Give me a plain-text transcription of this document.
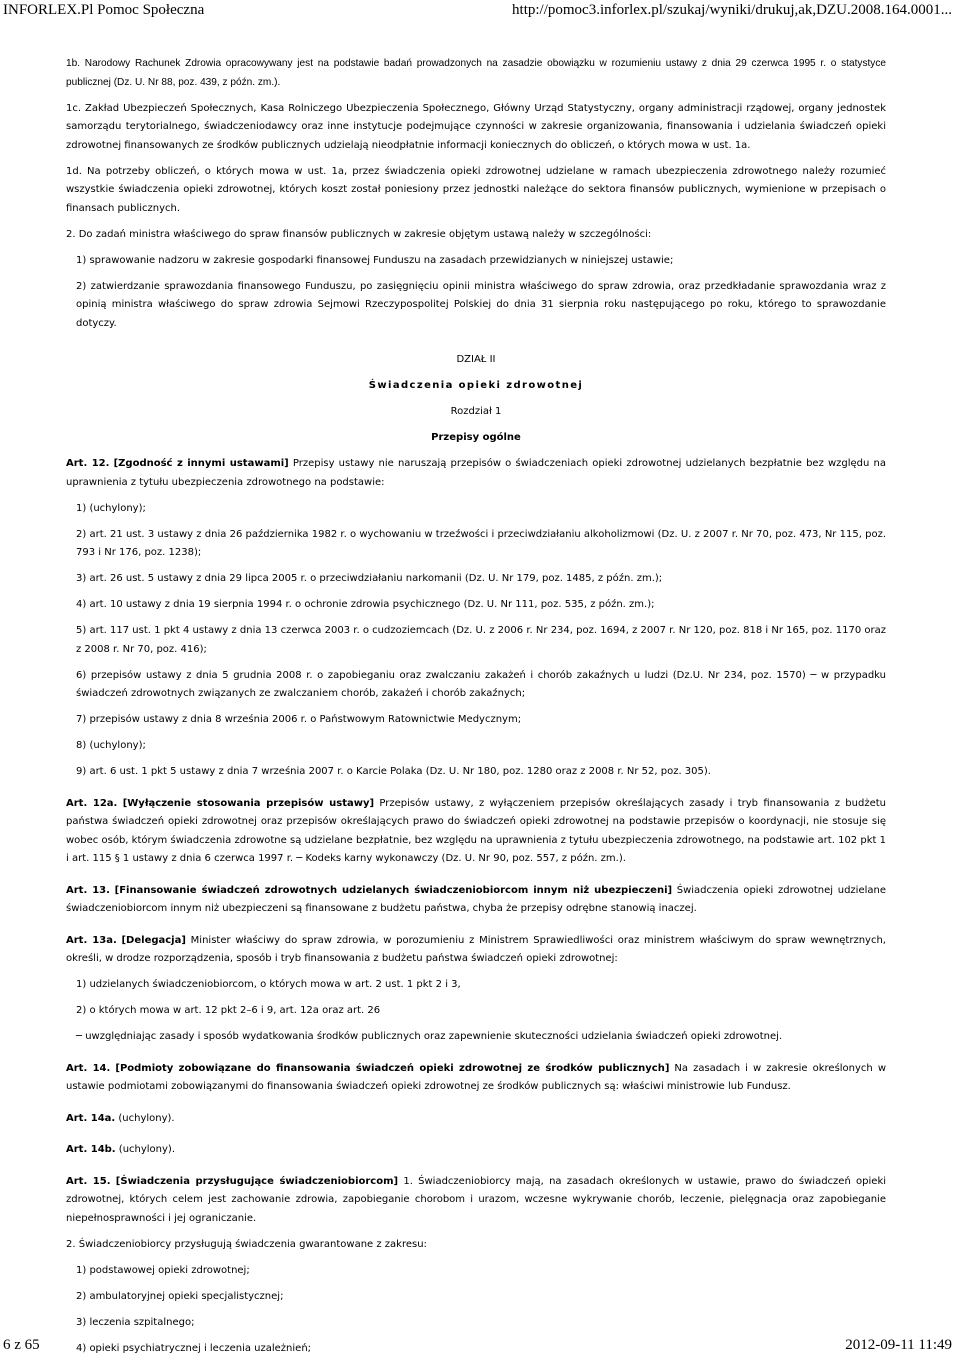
INFORLEX.Pl Pomoc Społeczna	http://pomoc3.inforlex.pl/szukaj/wyniki/drukuj,ak,DZU.2008.164.0001...

1b. Narodowy Rachunek Zdrowia opracowywany jest na podstawie badań prowadzonych na zasadzie obowiązku w rozumieniu ustawy z dnia 29 czerwca 1995 r. o statystyce publicznej (Dz. U. Nr 88, poz. 439, z późn. zm.).

1c. Zakład Ubezpieczeń Społecznych, Kasa Rolniczego Ubezpieczenia Społecznego, Główny Urząd Statystyczny, organy administracji rządowej, organy jednostek samorządu terytorialnego, świadczeniodawcy oraz inne instytucje podejmujące czynności w zakresie organizowania, finansowania i udzielania świadczeń opieki zdrowotnej finansowanych ze środków publicznych udzielają nieodpłatnie informacji koniecznych do obliczeń, o których mowa w ust. 1a.

1d. Na potrzeby obliczeń, o których mowa w ust. 1a, przez świadczenia opieki zdrowotnej udzielane w ramach ubezpieczenia zdrowotnego należy rozumieć wszystkie świadczenia opieki zdrowotnej, których koszt został poniesiony przez jednostki należące do sektora finansów publicznych, wymienione w przepisach o finansach publicznych.

2. Do zadań ministra właściwego do spraw finansów publicznych w zakresie objętym ustawą należy w szczególności:

1) sprawowanie nadzoru w zakresie gospodarki finansowej Funduszu na zasadach przewidzianych w niniejszej ustawie;

2) zatwierdzanie sprawozdania finansowego Funduszu, po zasięgnięciu opinii ministra właściwego do spraw zdrowia, oraz przedkładanie sprawozdania wraz z opinią ministra właściwego do spraw zdrowia Sejmowi Rzeczypospolitej Polskiej do dnia 31 sierpnia roku następującego po roku, którego to sprawozdanie dotyczy.

DZIAŁ II

Świadczenia opieki zdrowotnej

Rozdział 1

Przepisy ogólne

Art. 12. [Zgodność z innymi ustawami] Przepisy ustawy nie naruszają przepisów o świadczeniach opieki zdrowotnej udzielanych bezpłatnie bez względu na uprawnienia z tytułu ubezpieczenia zdrowotnego na podstawie:

1) (uchylony);

2) art. 21 ust. 3 ustawy z dnia 26 października 1982 r. o wychowaniu w trzeźwości i przeciwdziałaniu alkoholizmowi (Dz. U. z 2007 r. Nr 70, poz. 473, Nr 115, poz. 793 i Nr 176, poz. 1238);

3) art. 26 ust. 5 ustawy z dnia 29 lipca 2005 r. o przeciwdziałaniu narkomanii (Dz. U. Nr 179, poz. 1485, z późn. zm.);

4) art. 10 ustawy z dnia 19 sierpnia 1994 r. o ochronie zdrowia psychicznego (Dz. U. Nr 111, poz. 535, z późn. zm.);

5) art. 117 ust. 1 pkt 4 ustawy z dnia 13 czerwca 2003 r. o cudzoziemcach (Dz. U. z 2006 r. Nr 234, poz. 1694, z 2007 r. Nr 120, poz. 818 i Nr 165, poz. 1170 oraz z 2008 r. Nr 70, poz. 416);

6) przepisów ustawy z dnia 5 grudnia 2008 r. o zapobieganiu oraz zwalczaniu zakażeń i chorób zakaźnych u ludzi (Dz.U. Nr 234, poz. 1570) ─ w przypadku świadczeń zdrowotnych związanych ze zwalczaniem chorób, zakażeń i chorób zakaźnych;

7) przepisów ustawy z dnia 8 września 2006 r. o Państwowym Ratownictwie Medycznym;

8) (uchylony);

9) art. 6 ust. 1 pkt 5 ustawy z dnia 7 września 2007 r. o Karcie Polaka (Dz. U. Nr 180, poz. 1280 oraz z 2008 r. Nr 52, poz. 305).

Art. 12a. [Wyłączenie stosowania przepisów ustawy] Przepisów ustawy, z wyłączeniem przepisów określających zasady i tryb finansowania z budżetu państwa świadczeń opieki zdrowotnej oraz przepisów określających prawo do świadczeń opieki zdrowotnej na podstawie przepisów o koordynacji, nie stosuje się wobec osób, którym świadczenia zdrowotne są udzielane bezpłatnie, bez względu na uprawnienia z tytułu ubezpieczenia zdrowotnego, na podstawie art. 102 pkt 1 i art. 115 § 1 ustawy z dnia 6 czerwca 1997 r. ─ Kodeks karny wykonawczy (Dz. U. Nr 90, poz. 557, z późn. zm.).

Art. 13. [Finansowanie świadczeń zdrowotnych udzielanych świadczeniobiorcom innym niż ubezpieczeni] Świadczenia opieki zdrowotnej udzielane świadczeniobiorcom innym niż ubezpieczeni są finansowane z budżetu państwa, chyba że przepisy odrębne stanowią inaczej.

Art. 13a. [Delegacja] Minister właściwy do spraw zdrowia, w porozumieniu z Ministrem Sprawiedliwości oraz ministrem właściwym do spraw wewnętrznych, określi, w drodze rozporządzenia, sposób i tryb finansowania z budżetu państwa świadczeń opieki zdrowotnej:

1) udzielanych świadczeniobiorcom, o których mowa w art. 2 ust. 1 pkt 2 i 3,

2) o których mowa w art. 12 pkt 2–6 i 9, art. 12a oraz art. 26

─ uwzględniając zasady i sposób wydatkowania środków publicznych oraz zapewnienie skuteczności udzielania świadczeń opieki zdrowotnej.

Art. 14. [Podmioty zobowiązane do finansowania świadczeń opieki zdrowotnej ze środków publicznych] Na zasadach i w zakresie określonych w ustawie podmiotami zobowiązanymi do finansowania świadczeń opieki zdrowotnej ze środków publicznych są: właściwi ministrowie lub Fundusz.

Art. 14a. (uchylony).

Art. 14b. (uchylony).

Art. 15. [Świadczenia przysługujące świadczeniobiorcom] 1. Świadczeniobiorcy mają, na zasadach określonych w ustawie, prawo do świadczeń opieki zdrowotnej, których celem jest zachowanie zdrowia, zapobieganie chorobom i urazom, wczesne wykrywanie chorób, leczenie, pielęgnacja oraz zapobieganie niepełnosprawności i jej ograniczanie.

2. Świadczeniobiorcy przysługują świadczenia gwarantowane z zakresu:

1) podstawowej opieki zdrowotnej;

2) ambulatoryjnej opieki specjalistycznej;

3) leczenia szpitalnego;

4) opieki psychiatrycznej i leczenia uzależnień;

6 z 65	2012-09-11 11:49
